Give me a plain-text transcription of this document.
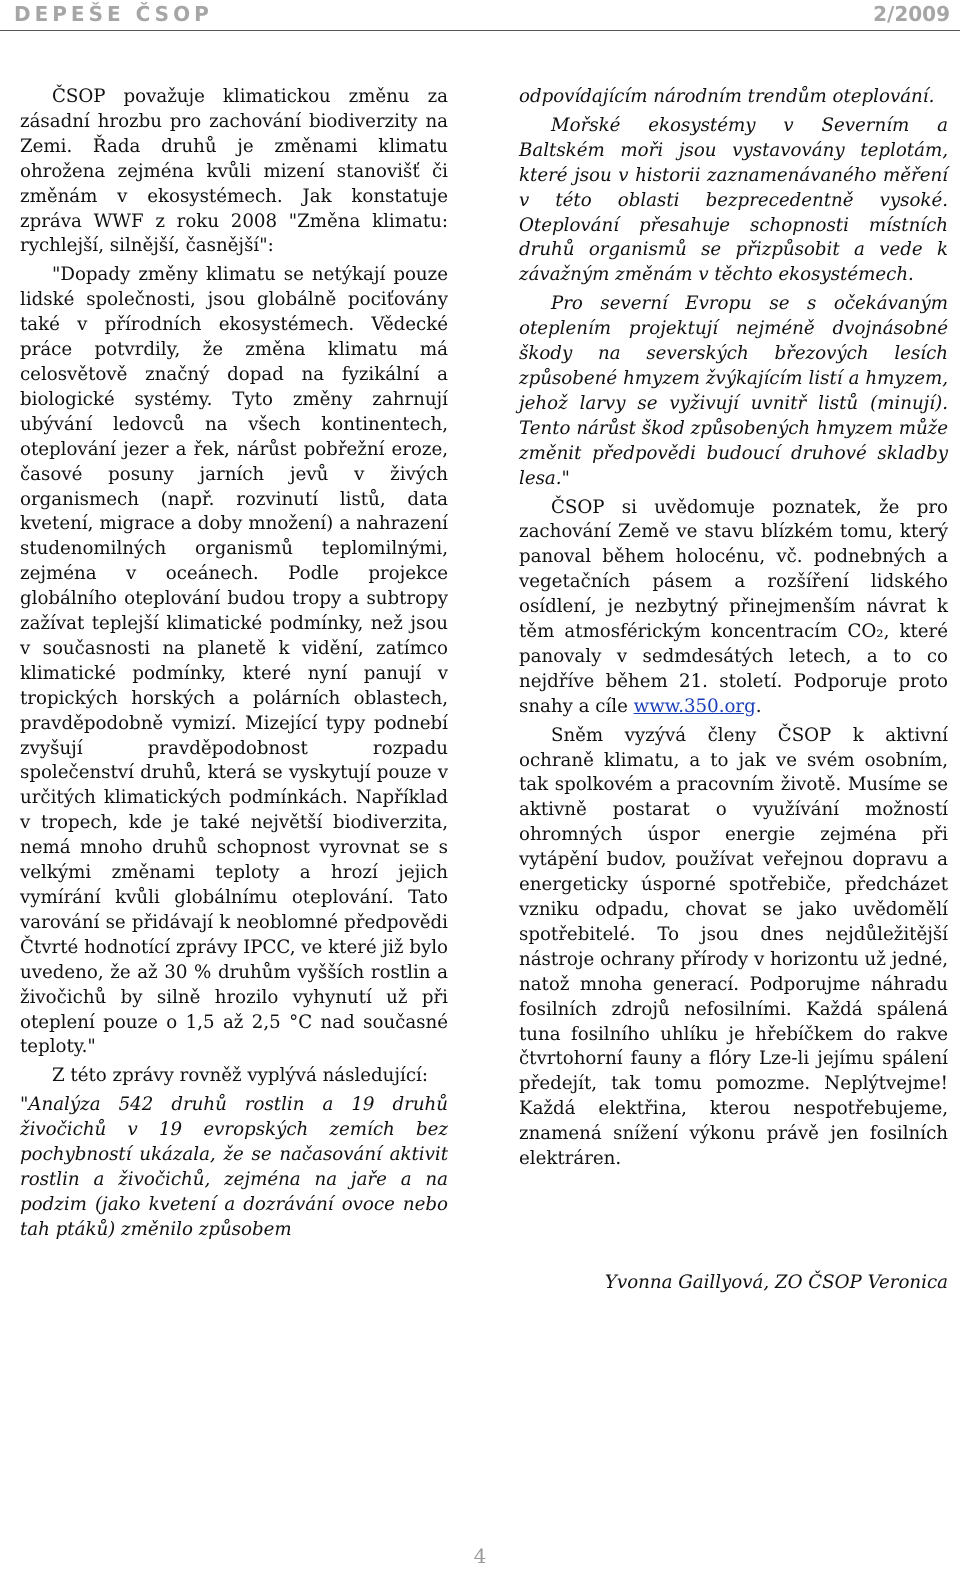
DEPEŠE ČSOP	2/2009

ČSOP považuje klimatickou změnu za zásadní hrozbu pro zachování biodiverzity na Zemi. Řada druhů je změnami klimatu ohrožena zejména kvůli mizení stanovišť či změnám v ekosystémech. Jak konstatuje zpráva WWF z roku 2008 "Změna klimatu: rychlejší, silnější, časnější":

"Dopady změny klimatu se netýkají pouze lidské společnosti, jsou globálně pociťovány také v přírodních ekosystémech. Vědecké práce potvrdily, že změna klimatu má celosvětově značný dopad na fyzikální a biologické systémy. Tyto změny zahrnují ubývání ledovců na všech kontinentech, oteplování jezer a řek, nárůst pobřežní eroze, časové posuny jarních jevů v živých organismech (např. rozvinutí listů, data kvetení, migrace a doby množení) a nahrazení studenomilných organismů teplomilnými, zejména v oceánech. Podle projekce globálního oteplování budou tropy a subtropy zažívat teplejší klimatické podmínky, než jsou v současnosti na planetě k vidění, zatímco klimatické podmínky, které nyní panují v tropických horských a polárních oblastech, pravděpodobně vymizí. Mizející typy podnebí zvyšují pravděpodobnost rozpadu společenství druhů, která se vyskytují pouze v určitých klimatických podmínkách. Například v tropech, kde je také největší biodiverzita, nemá mnoho druhů schopnost vyrovnat se s velkými změnami teploty a hrozí jejich vymírání kvůli globálnímu oteplování. Tato varování se přidávají k neoblomné předpovědi Čtvrté hodnotící zprávy IPCC, ve které již bylo uvedeno, že až 30 % druhům vyšších rostlin a živočichů by silně hrozilo vyhynutí už při oteplení pouze o 1,5 až 2,5 °C nad současné teploty."

Z této zprávy rovněž vyplývá následující:

"Analýza 542 druhů rostlin a 19 druhů živočichů v 19 evropských zemích bez pochybností ukázala, že se načasování aktivit rostlin a živočichů, zejména na jaře a na podzim (jako kvetení a dozrávání ovoce nebo tah ptáků) změnilo způsobem

odpovídajícím národním trendům oteplování.

Mořské ekosystémy v Severním a Baltském moři jsou vystavovány teplotám, které jsou v historii zaznamenávaného měření v této oblasti bezprecedentně vysoké. Oteplování přesahuje schopnosti místních druhů organismů se přizpůsobit a vede k závažným změnám v těchto ekosystémech.

Pro severní Evropu se s očekávaným oteplením projektují nejméně dvojnásobné škody na severských březových lesích způsobené hmyzem žvýkajícím listí a hmyzem, jehož larvy se vyživují uvnitř listů (minují). Tento nárůst škod způsobených hmyzem může změnit předpovědi budoucí druhové skladby lesa."

ČSOP si uvědomuje poznatek, že pro zachování Země ve stavu blízkém tomu, který panoval během holocénu, vč. podnebných a vegetačních pásem a rozšíření lidského osídlení, je nezbytný přinejmenším návrat k těm atmosférickým koncentracím CO₂, které panovaly v sedmdesátých letech, a to co nejdříve během 21. století. Podporuje proto snahy a cíle www.350.org.

Sněm vyzývá členy ČSOP k aktivní ochraně klimatu, a to jak ve svém osobním, tak spolkovém a pracovním životě. Musíme se aktivně postarat o využívání možností ohromných úspor energie zejména při vytápění budov, používat veřejnou dopravu a energeticky úsporné spotřebiče, předcházet vzniku odpadu, chovat se jako uvědomělí spotřebitelé. To jsou dnes nejdůležitější nástroje ochrany přírody v horizontu už jedné, natož mnoha generací. Podporujme náhradu fosilních zdrojů nefosilními. Každá spálená tuna fosilního uhlíku je hřebíčkem do rakve čtvrtohorní fauny a flóry Lze-li jejímu spálení předejít, tak tomu pomozme. Neplýtvejme! Každá elektřina, kterou nespotřebujeme, znamená snížení výkonu právě jen fosilních elektráren.

Yvonna Gaillyová, ZO ČSOP Veronica
4
